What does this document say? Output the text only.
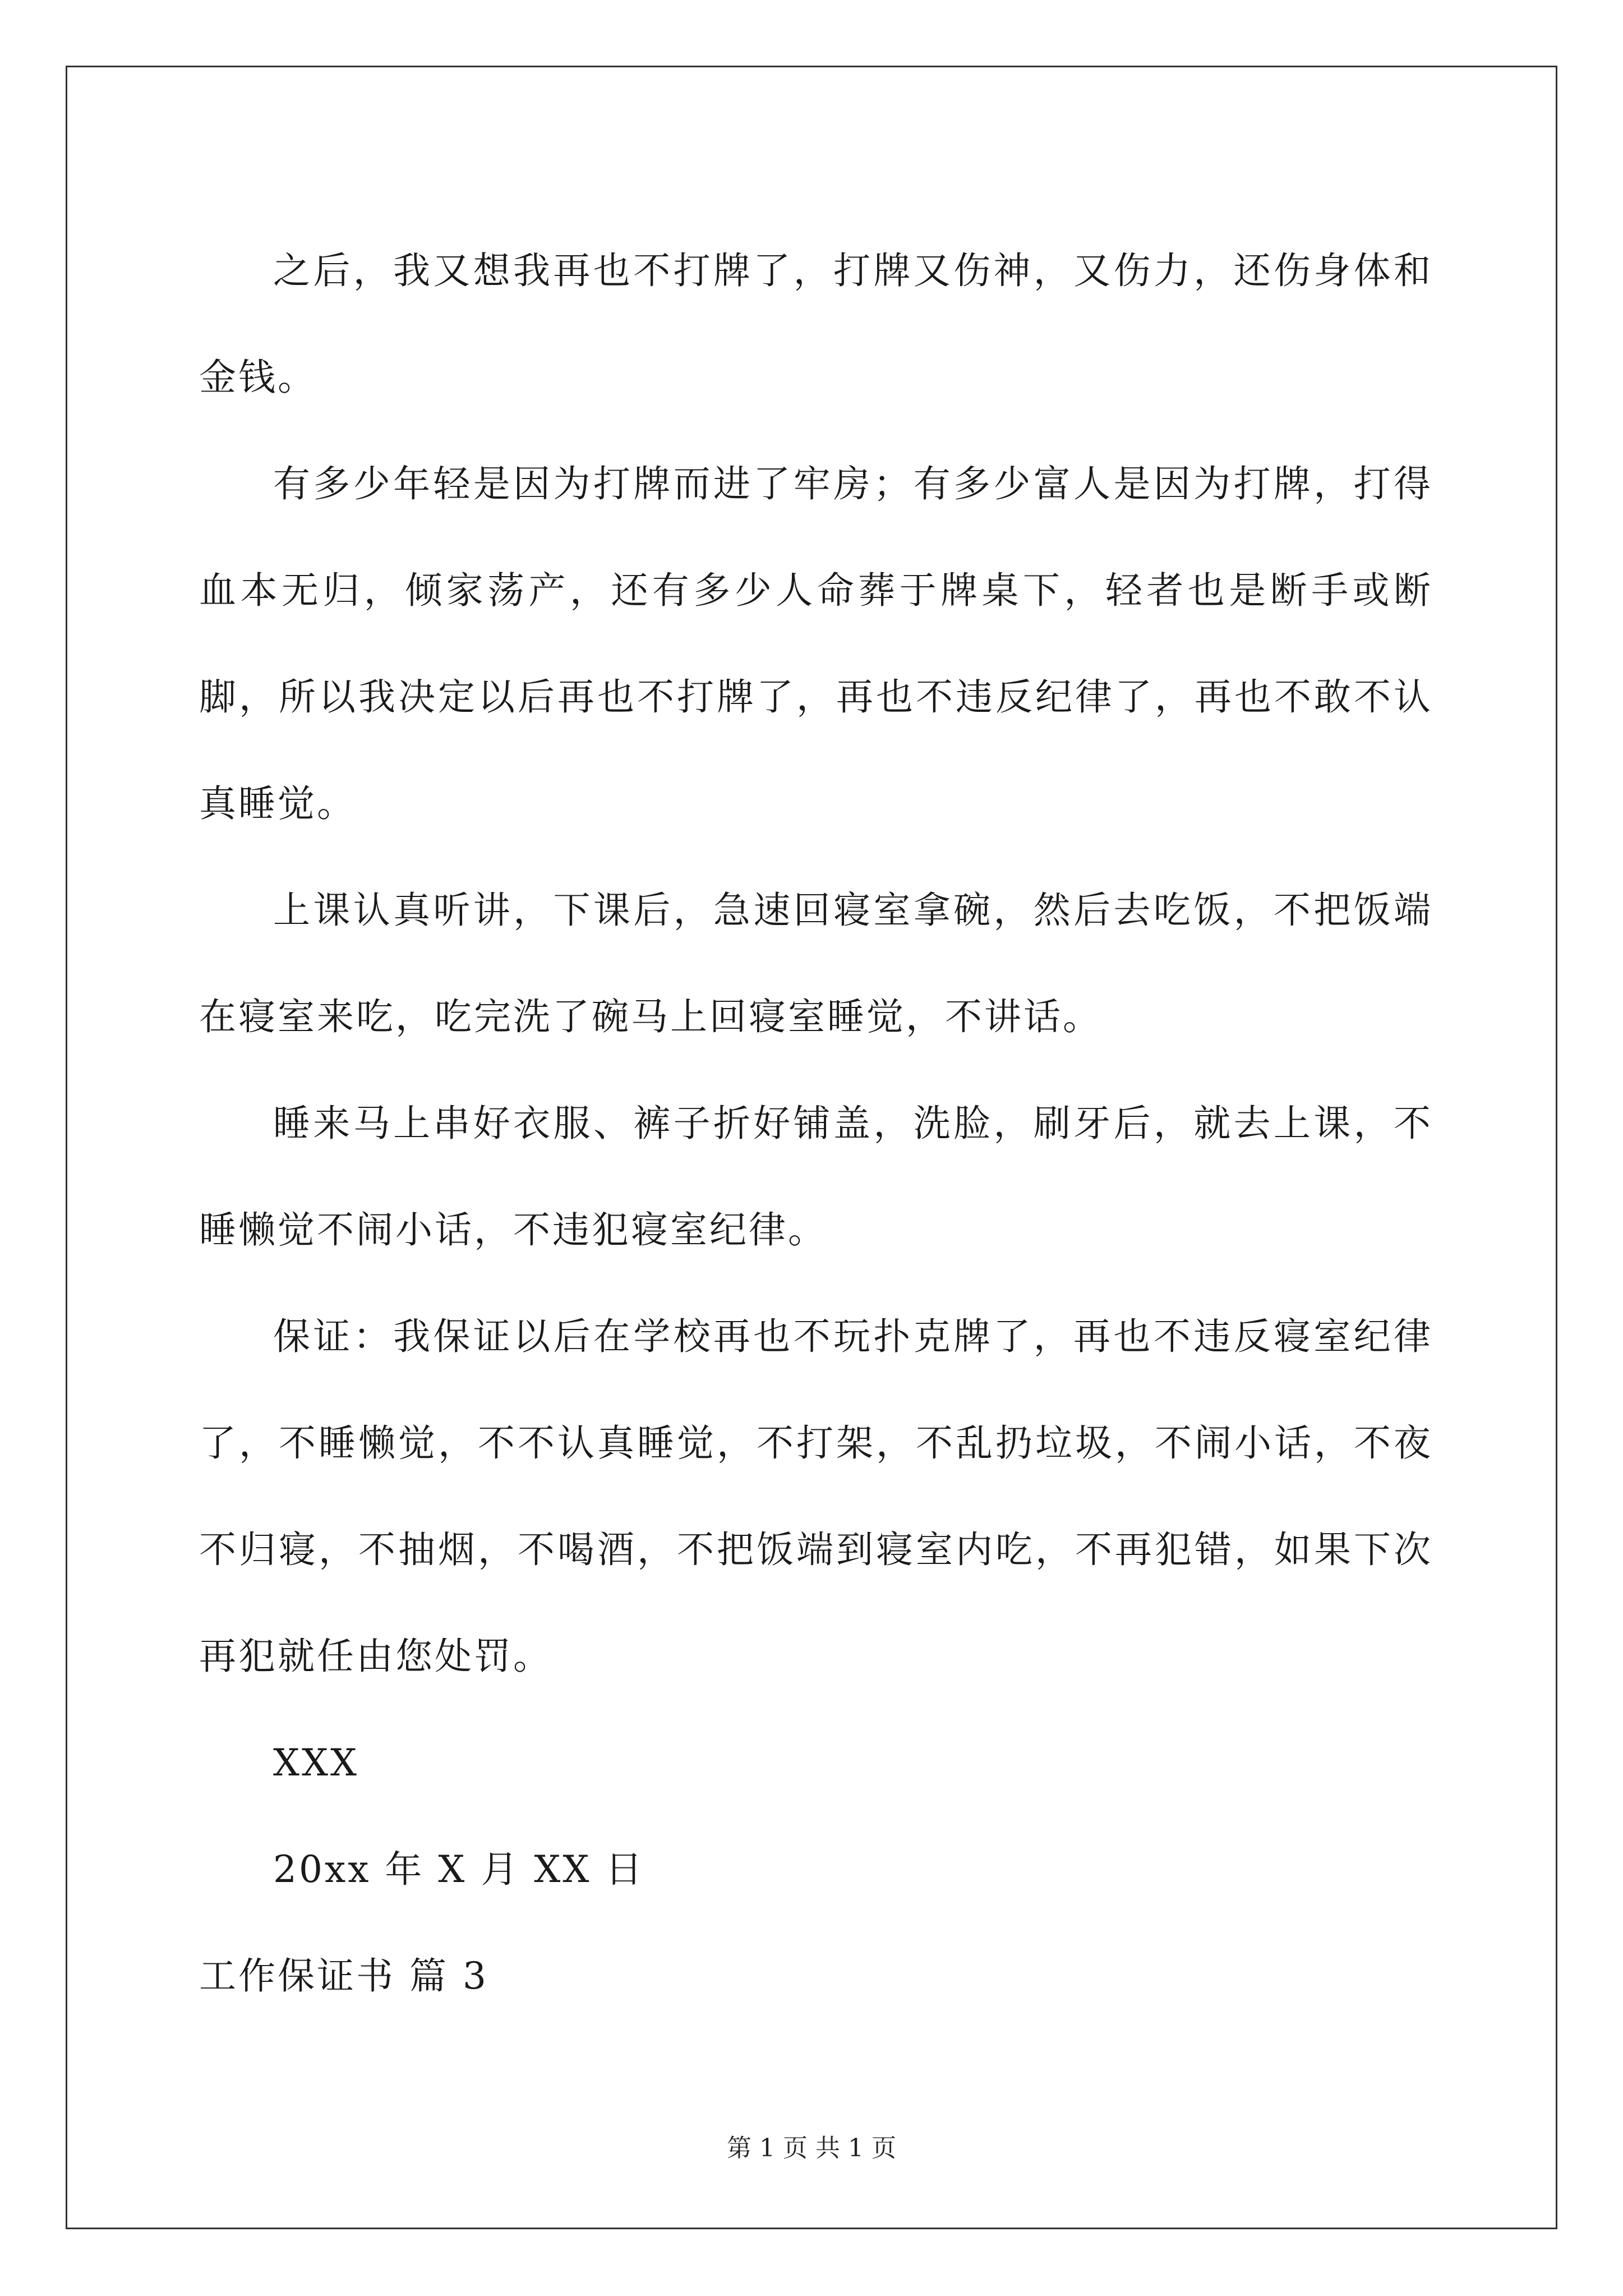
之后，我又想我再也不打牌了，打牌又伤神，又伤力，还伤身体和金钱。

有多少年轻是因为打牌而进了牢房；有多少富人是因为打牌，打得血本无归，倾家荡产，还有多少人命葬于牌桌下，轻者也是断手或断脚，所以我决定以后再也不打牌了，再也不违反纪律了，再也不敢不认真睡觉。

上课认真听讲，下课后，急速回寝室拿碗，然后去吃饭，不把饭端在寝室来吃，吃完洗了碗马上回寝室睡觉，不讲话。

睡来马上串好衣服、裤子折好铺盖，洗脸，刷牙后，就去上课，不睡懒觉不闹小话，不违犯寝室纪律。

保证：我保证以后在学校再也不玩扑克牌了，再也不违反寝室纪律了，不睡懒觉，不不认真睡觉，不打架，不乱扔垃圾，不闹小话，不夜不归寝，不抽烟，不喝酒，不把饭端到寝室内吃，不再犯错，如果下次再犯就任由您处罚。

XXX

20xx 年 X 月 XX 日

工作保证书 篇 3

第 1 页 共 1 页
